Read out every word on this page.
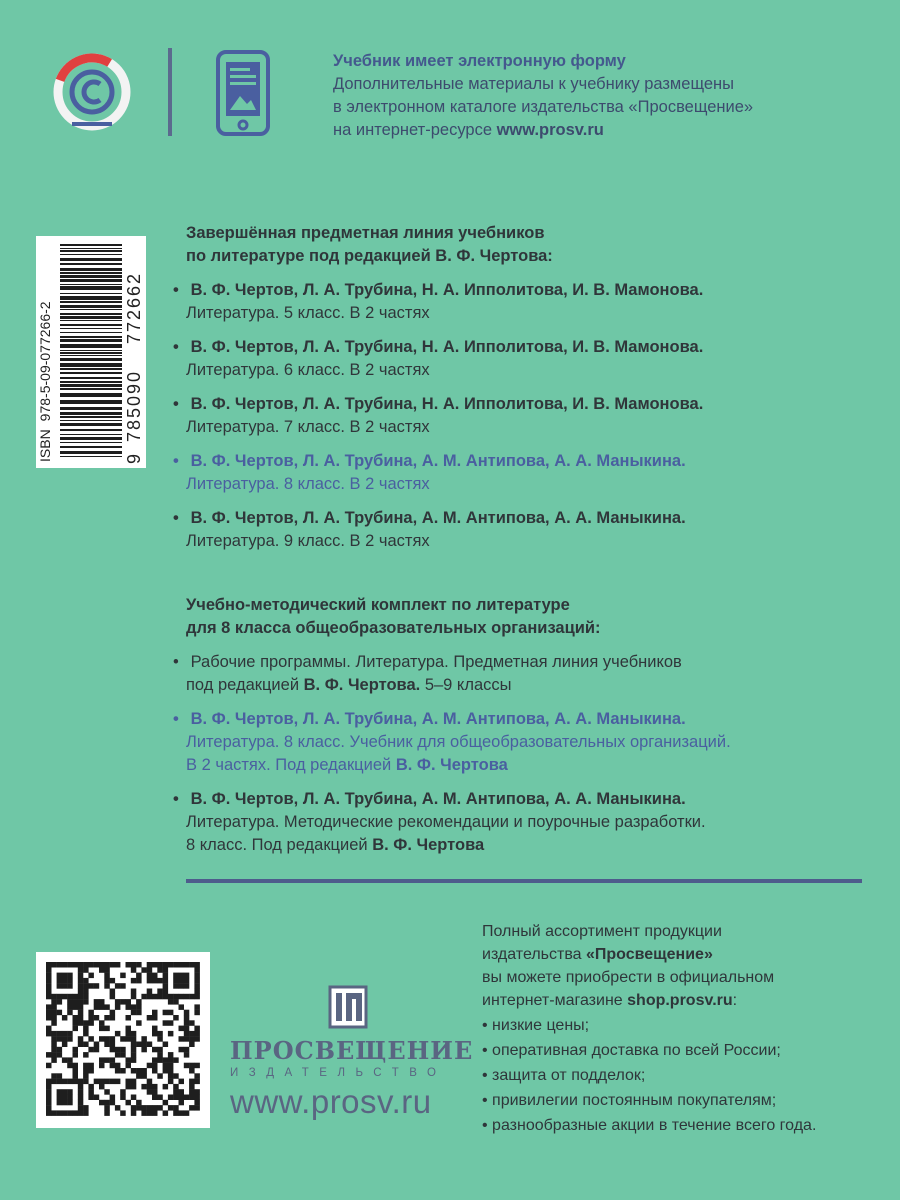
Учебник имеет электронную форму
Дополнительные материалы к учебнику размещены
в электронном каталоге издательства «Просвещение»
на интернет-ресурсе www.prosv.ru
ISBN978-5-09-077266-2
9
785090
772662
Завершённая предметная линия учебников
по литературе под редакцией В. Ф. Чертова:
• В. Ф. Чертов, Л. А. Трубина, Н. А. Ипполитова, И. В. Мамонова.
Литература. 5 класс. В 2 частях
• В. Ф. Чертов, Л. А. Трубина, Н. А. Ипполитова, И. В. Мамонова.
Литература. 6 класс. В 2 частях
• В. Ф. Чертов, Л. А. Трубина, Н. А. Ипполитова, И. В. Мамонова.
Литература. 7 класс. В 2 частях
• В. Ф. Чертов, Л. А. Трубина, А. М. Антипова, А. А. Маныкина.
Литература. 8 класс. В 2 частях
• В. Ф. Чертов, Л. А. Трубина, А. М. Антипова, А. А. Маныкина.
Литература. 9 класс. В 2 частях
Учебно-методический комплект по литературе
для 8 класса общеобразовательных организаций:
• Рабочие программы. Литература. Предметная линия учебников
под редакцией В. Ф. Чертова. 5–9 классы
• В. Ф. Чертов, Л. А. Трубина, А. М. Антипова, А. А. Маныкина.
Литература. 8 класс. Учебник для общеобразовательных организаций.
В 2 частях. Под редакцией В. Ф. Чертова
• В. Ф. Чертов, Л. А. Трубина, А. М. Антипова, А. А. Маныкина.
Литература. Методические рекомендации и поурочные разработки.
8 класс. Под редакцией В. Ф. Чертова
ПРОСВЕЩЕНИЕ
ИЗДАТЕЛЬСТВО
www.prosv.ru
Полный ассортимент продукции
издательства «Просвещение»
вы можете приобрести в официальном
интернет-магазине shop.prosv.ru:
• низкие цены;
• оперативная доставка по всей России;
• защита от подделок;
• привилегии постоянным покупателям;
• разнообразные акции в течение всего года.
